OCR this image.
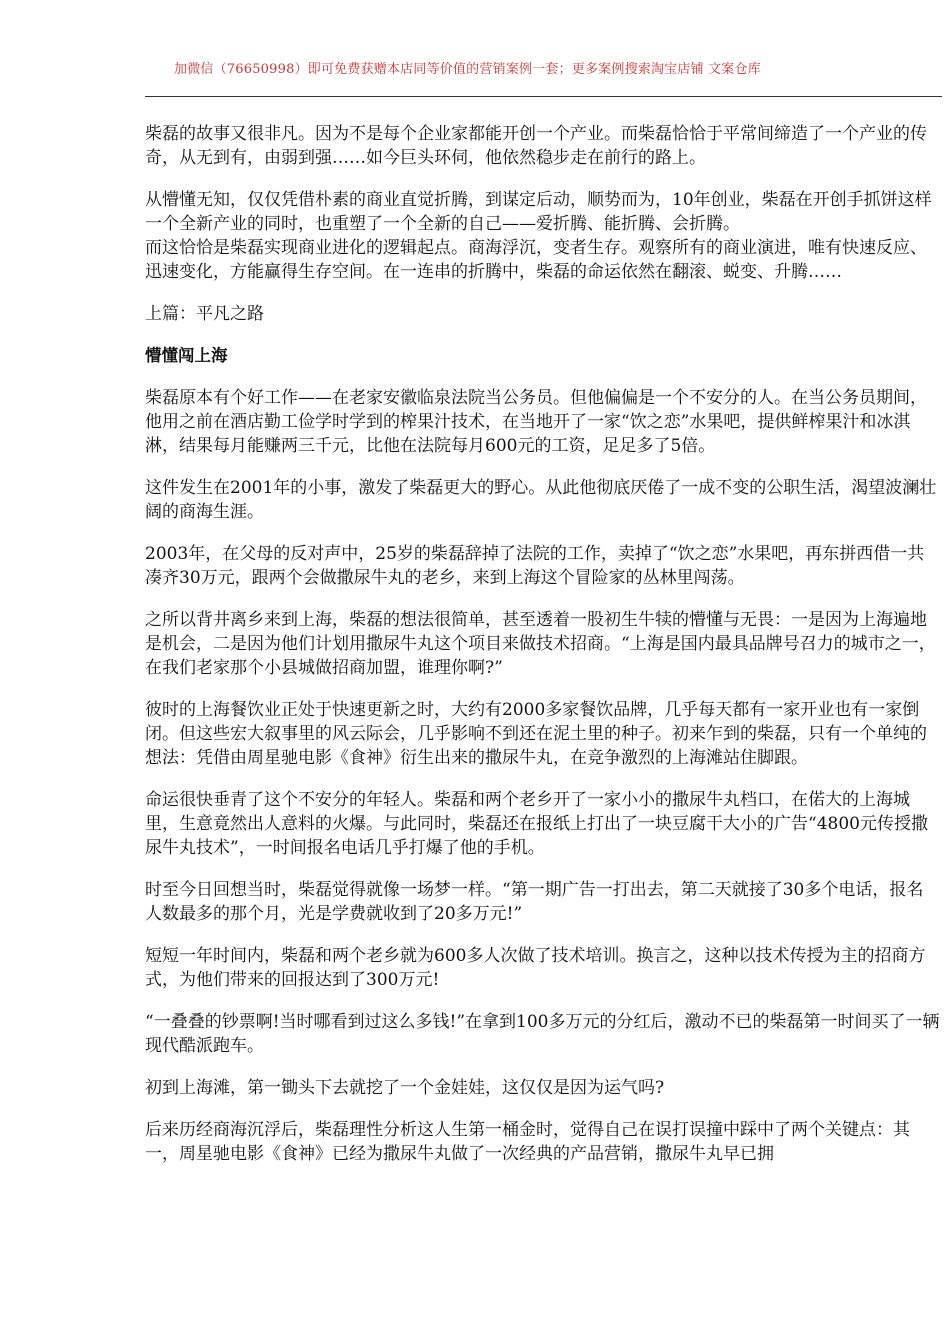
加微信（76650998）即可免费获赠本店同等价值的营销案例一套；更多案例搜索淘宝店铺 文案仓库

柴磊的故事又很非凡。因为不是每个企业家都能开创一个产业。而柴磊恰恰于平常间缔造了一个产业的传奇，从无到有，由弱到强……如今巨头环伺，他依然稳步走在前行的路上。

从懵懂无知，仅仅凭借朴素的商业直觉折腾，到谋定后动，顺势而为，10年创业，柴磊在开创手抓饼这样一个全新产业的同时，也重塑了一个全新的自己——爱折腾、能折腾、会折腾。

而这恰恰是柴磊实现商业进化的逻辑起点。商海浮沉，变者生存。观察所有的商业演进，唯有快速反应、迅速变化，方能赢得生存空间。在一连串的折腾中，柴磊的命运依然在翻滚、蜕变、升腾……

上篇：平凡之路

懵懂闯上海

柴磊原本有个好工作——在老家安徽临泉法院当公务员。但他偏偏是一个不安分的人。在当公务员期间，他用之前在酒店勤工俭学时学到的榨果汁技术，在当地开了一家“饮之恋”水果吧，提供鲜榨果汁和冰淇淋，结果每月能赚两三千元，比他在法院每月600元的工资，足足多了5倍。

这件发生在2001年的小事，激发了柴磊更大的野心。从此他彻底厌倦了一成不变的公职生活，渴望波澜壮阔的商海生涯。

2003年，在父母的反对声中，25岁的柴磊辞掉了法院的工作，卖掉了“饮之恋”水果吧，再东拼西借一共凑齐30万元，跟两个会做撒尿牛丸的老乡，来到上海这个冒险家的丛林里闯荡。

之所以背井离乡来到上海，柴磊的想法很简单，甚至透着一股初生牛犊的懵懂与无畏：一是因为上海遍地是机会，二是因为他们计划用撒尿牛丸这个项目来做技术招商。“上海是国内最具品牌号召力的城市之一，在我们老家那个小县城做招商加盟，谁理你啊?”

彼时的上海餐饮业正处于快速更新之时，大约有2000多家餐饮品牌，几乎每天都有一家开业也有一家倒闭。但这些宏大叙事里的风云际会，几乎影响不到还在泥土里的种子。初来乍到的柴磊，只有一个单纯的想法：凭借由周星驰电影《食神》衍生出来的撒尿牛丸，在竞争激烈的上海滩站住脚跟。

命运很快垂青了这个不安分的年轻人。柴磊和两个老乡开了一家小小的撒尿牛丸档口，在偌大的上海城里，生意竟然出人意料的火爆。与此同时，柴磊还在报纸上打出了一块豆腐干大小的广告“4800元传授撒尿牛丸技术”，一时间报名电话几乎打爆了他的手机。

时至今日回想当时，柴磊觉得就像一场梦一样。“第一期广告一打出去，第二天就接了30多个电话，报名人数最多的那个月，光是学费就收到了20多万元!”

短短一年时间内，柴磊和两个老乡就为600多人次做了技术培训。换言之，这种以技术传授为主的招商方式，为他们带来的回报达到了300万元!

“一叠叠的钞票啊!当时哪看到过这么多钱!”在拿到100多万元的分红后，激动不已的柴磊第一时间买了一辆现代酷派跑车。

初到上海滩，第一锄头下去就挖了一个金娃娃，这仅仅是因为运气吗?

后来历经商海沉浮后，柴磊理性分析这人生第一桶金时，觉得自己在误打误撞中踩中了两个关键点：其一，周星驰电影《食神》已经为撒尿牛丸做了一次经典的产品营销，撒尿牛丸早已拥
